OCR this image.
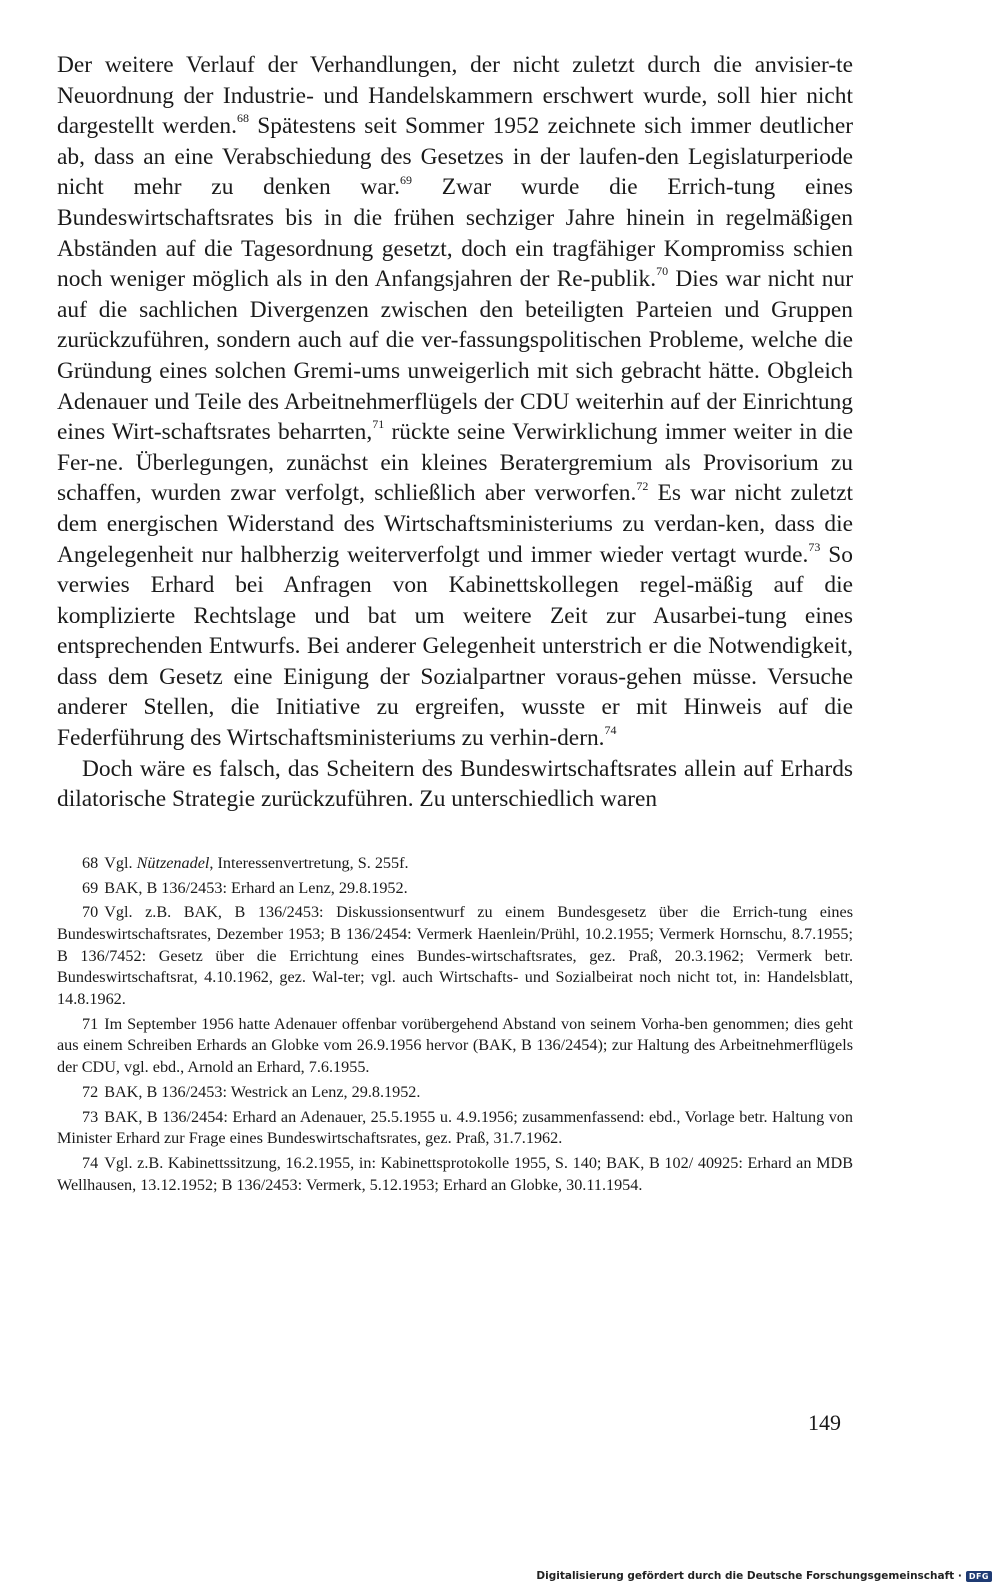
Der weitere Verlauf der Verhandlungen, der nicht zuletzt durch die anvisier-te Neuordnung der Industrie- und Handelskammern erschwert wurde, soll hier nicht dargestellt werden.$^{68}$ Spätestens seit Sommer 1952 zeichnete sich immer deutlicher ab, dass an eine Verabschiedung des Gesetzes in der laufen-den Legislaturperiode nicht mehr zu denken war.$^{69}$ Zwar wurde die Errich-tung eines Bundeswirtschaftsrates bis in die frühen sechziger Jahre hinein in regelmäßigen Abständen auf die Tagesordnung gesetzt, doch ein tragfähiger Kompromiss schien noch weniger möglich als in den Anfangsjahren der Re-publik.$^{70}$ Dies war nicht nur auf die sachlichen Divergenzen zwischen den beteiligten Parteien und Gruppen zurückzuführen, sondern auch auf die ver-fassungspolitischen Probleme, welche die Gründung eines solchen Gremi-ums unweigerlich mit sich gebracht hätte. Obgleich Adenauer und Teile des Arbeitnehmerflügels der CDU weiterhin auf der Einrichtung eines Wirt-schaftsrates beharrten,$^{71}$ rückte seine Verwirklichung immer weiter in die Fer-ne. Überlegungen, zunächst ein kleines Beratergremium als Provisorium zu schaffen, wurden zwar verfolgt, schließlich aber verworfen.$^{72}$ Es war nicht zuletzt dem energischen Widerstand des Wirtschaftsministeriums zu verdan-ken, dass die Angelegenheit nur halbherzig weiterverfolgt und immer wieder vertagt wurde.$^{73}$ So verwies Erhard bei Anfragen von Kabinettskollegen regel-mäßig auf die komplizierte Rechtslage und bat um weitere Zeit zur Ausarbei-tung eines entsprechenden Entwurfs. Bei anderer Gelegenheit unterstrich er die Notwendigkeit, dass dem Gesetz eine Einigung der Sozialpartner voraus-gehen müsse. Versuche anderer Stellen, die Initiative zu ergreifen, wusste er mit Hinweis auf die Federführung des Wirtschaftsministeriums zu verhin-dern.$^{74}$

Doch wäre es falsch, das Scheitern des Bundeswirtschaftsrates allein auf Erhards dilatorische Strategie zurückzuführen. Zu unterschiedlich waren

68 Vgl. Nützenadel, Interessenvertretung, S. 255f.

69 BAK, B 136/2453: Erhard an Lenz, 29.8.1952.

70 Vgl. z.B. BAK, B 136/2453: Diskussionsentwurf zu einem Bundesgesetz über die Errich-tung eines Bundeswirtschaftsrates, Dezember 1953; B 136/2454: Vermerk Haenlein/Prühl, 10.2.1955; Vermerk Hornschu, 8.7.1955; B 136/7452: Gesetz über die Errichtung eines Bundes-wirtschaftsrates, gez. Praß, 20.3.1962; Vermerk betr. Bundeswirtschaftsrat, 4.10.1962, gez. Wal-ter; vgl. auch Wirtschafts- und Sozialbeirat noch nicht tot, in: Handelsblatt, 14.8.1962.

71 Im September 1956 hatte Adenauer offenbar vorübergehend Abstand von seinem Vorha-ben genommen; dies geht aus einem Schreiben Erhards an Globke vom 26.9.1956 hervor (BAK, B 136/2454); zur Haltung des Arbeitnehmerflügels der CDU, vgl. ebd., Arnold an Erhard, 7.6.1955.

72 BAK, B 136/2453: Westrick an Lenz, 29.8.1952.

73 BAK, B 136/2454: Erhard an Adenauer, 25.5.1955 u. 4.9.1956; zusammenfassend: ebd., Vorlage betr. Haltung von Minister Erhard zur Frage eines Bundeswirtschaftsrates, gez. Praß, 31.7.1962.

74 Vgl. z.B. Kabinettssitzung, 16.2.1955, in: Kabinettsprotokolle 1955, S. 140; BAK, B 102/ 40925: Erhard an MDB Wellhausen, 13.12.1952; B 136/2453: Vermerk, 5.12.1953; Erhard an Globke, 30.11.1954.

149
Digitalisierung gefördert durch die Deutsche Forschungsgemeinschaft · DFG
